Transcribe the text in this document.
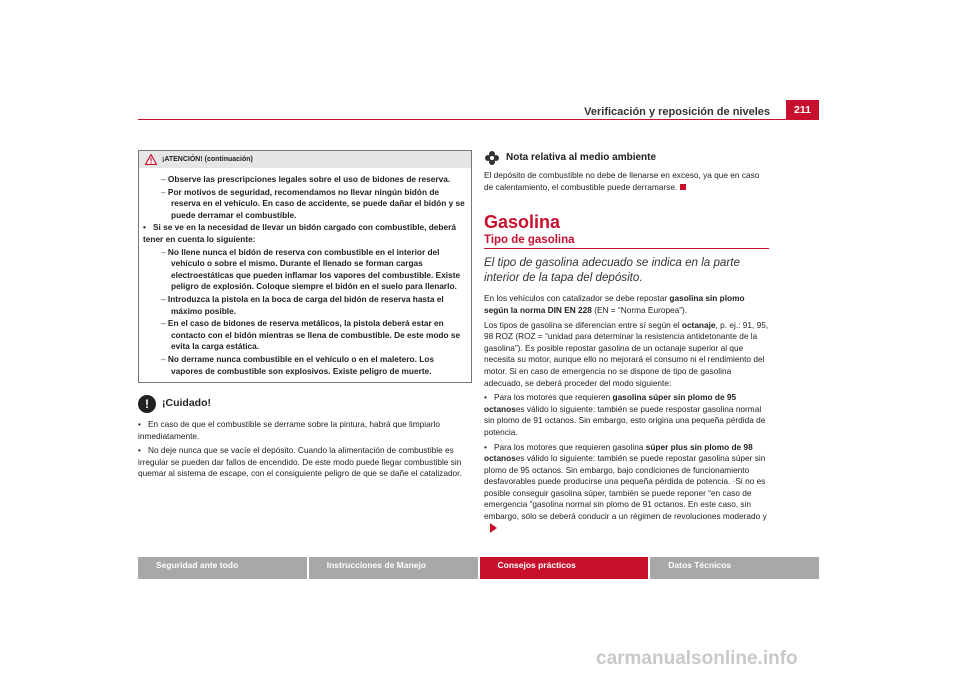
Verificación y reposición de niveles	211
¡ATENCIÓN! (continuación)
– Observe las prescripciones legales sobre el uso de bidones de reserva.
– Por motivos de seguridad, recomendamos no llevar ningún bidón de reserva en el vehículo. En caso de accidente, se puede dañar el bidón y se puede derramar el combustible.
• Si se ve en la necesidad de llevar un bidón cargado con combustible, deberá tener en cuenta lo siguiente:
– No llene nunca el bidón de reserva con combustible en el interior del vehículo o sobre el mismo. Durante el llenado se forman cargas electroestáticas que pueden inflamar los vapores del combustible. Existe peligro de explosión. Coloque siempre el bidón en el suelo para llenarlo.
– Introduzca la pistola en la boca de carga del bidón de reserva hasta el máximo posible.
– En el caso de bidones de reserva metálicos, la pistola deberá estar en contacto con el bidón mientras se llena de combustible. De este modo se evita la carga estática.
– No derrame nunca combustible en el vehículo o en el maletero. Los vapores de combustible son explosivos. Existe peligro de muerte.
!	¡Cuidado!
• En caso de que el combustible se derrame sobre la pintura, habrá que limpiarlo inmediatamente.
• No deje nunca que se vacíe el depósito. Cuando la alimentación de combustible es irregular se pueden dar fallos de encendido. De este modo puede llegar combustible sin quemar al sistema de escape, con el consiguiente peligro de que se dañe el catalizador.
Nota relativa al medio ambiente
El depósito de combustible no debe de llenarse en exceso, ya que en caso de calentamiento, el combustible puede derramarse.
Gasolina
Tipo de gasolina
El tipo de gasolina adecuado se indica en la parte interior de la tapa del depósito.
En los vehículos con catalizador se debe repostar gasolina sin plomo según la norma DIN EN 228 (EN = “Norma Europea”).
Los tipos de gasolina se diferencian entre sí según el octanaje, p. ej.: 91, 95, 98 ROZ (ROZ = “unidad para determinar la resistencia antidetonante de la gasolina”). Es posible repostar gasolina de un octanaje superior al que necesita su motor, aunque ello no mejorará el consumo ni el rendimiento del motor. Si en caso de emergencia no se dispone de tipo de gasolina adecuado, se deberá proceder del modo siguiente:
• Para los motores que requieren gasolina súper sin plomo de 95 octanoses válido lo siguiente: también se puede respostar gasolina normal sin plomo de 91 octanos. Sin embargo, esto origina una pequeña pérdida de potencia.
• Para los motores que requieren gasolina súper plus sin plomo de 98 octanoses válido lo siguiente: también se puede repostar gasolina súper sin plomo de 95 octanos. Sin embargo, bajo condiciones de funcionamiento desfavorables puede producirse una pequeña pérdida de potencia. ·Si no es posible conseguir gasolina súper, también se puede reponer “en caso de emergencia ”gasolina normal sin plomo de 91 octanos. En este caso, sin embargo, sólo se deberá conducir a un régimen de revoluciones moderado y
Seguridad ante todo	Instrucciones de Manejo	Consejos prácticos	Datos Técnicos
carmanualsonline.info
